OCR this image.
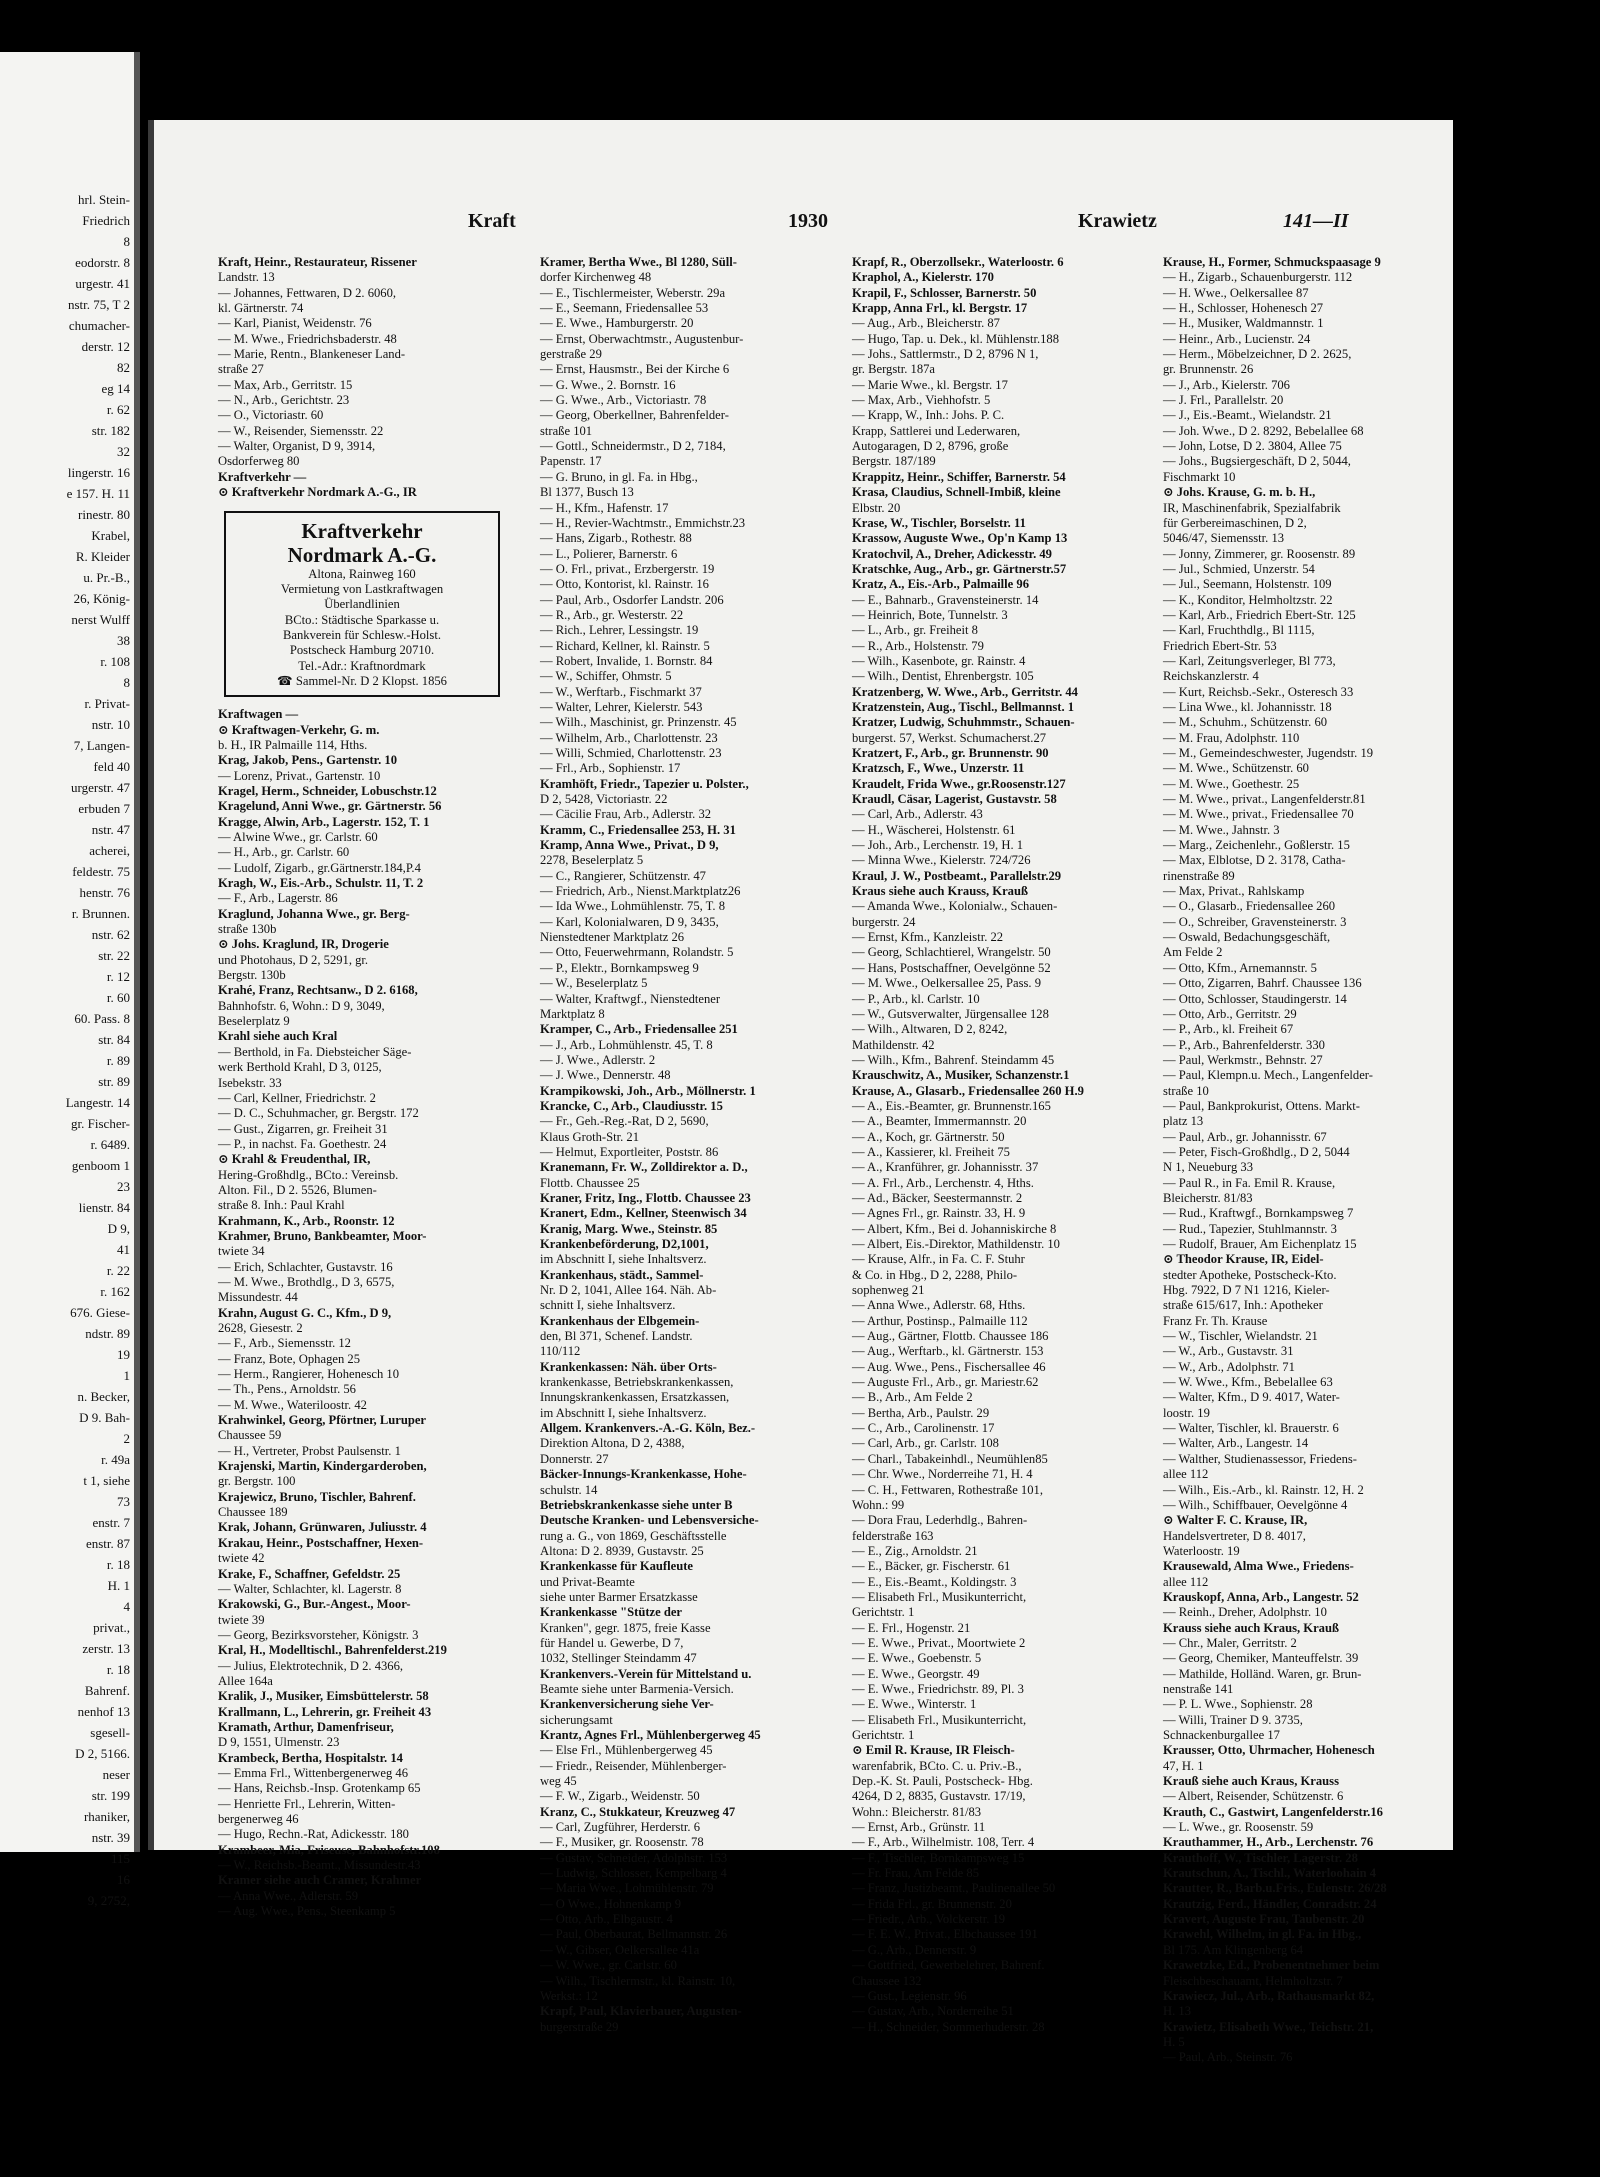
hrl. Stein-
Friedrich
8
eodorstr. 8
urgestr. 41
nstr. 75, T 2
chumacher-
derstr. 12
82
eg 14
r. 62
str. 182
32
lingerstr. 16
e 157. H. 11
rinestr. 80
Krabel,
R. Kleider
u. Pr.-B.,
26, König-
nerst Wulff
38
r. 108
8
r. Privat-
nstr. 10
7, Langen-
feld 40
urgerstr. 47
erbuden 7
nstr. 47
acherei,
feldestr. 75
henstr. 76
r. Brunnen.
nstr. 62
str. 22
r. 12
r. 60
60. Pass. 8
str. 84
r. 89
str. 89
Langestr. 14
gr. Fischer-
r. 6489.
genboom 1
23
lienstr. 84
D 9,
41
r. 22
r. 162
676. Giese-
ndstr. 89
19
1
n. Becker,
D 9. Bah-
2
r. 49a
t 1, siehe
73
enstr. 7
enstr. 87
r. 18
H. 1
4
privat.,
zerstr. 13
r. 18
Bahrenf.
nenhof 13
sgesell-
D 2, 5166.
neser
str. 199
rhaniker,
nstr. 39
115
16
9, 2752,
Kraft	1930	Krawietz	141—II

Kraft, Heinr., Restaurateur, Rissener

Landstr. 13

— Johannes, Fettwaren, D 2. 6060,

kl. Gärtnerstr. 74

— Karl, Pianist, Weidenstr. 76

— M. Wwe., Friedrichsbaderstr. 48

— Marie, Rentn., Blankeneser Land-

straße 27

— Max, Arb., Gerritstr. 15

— N., Arb., Gerichtstr. 23

— O., Victoriastr. 60

— W., Reisender, Siemensstr. 22

— Walter, Organist, D 9, 3914,

Osdorferweg 80

Kraftverkehr —

⊙ Kraftverkehr Nordmark A.-G., IR

Kraftverkehr

Nordmark A.-G.

Altona, Rainweg 160

Vermietung von Lastkraftwagen

Überlandlinien

BCto.: Städtische Sparkasse u.

Bankverein für Schlesw.-Holst.

Postscheck Hamburg 20710.

Tel.-Adr.: Kraftnordmark

☎ Sammel-Nr. D 2 Klopst. 1856

Kraftwagen —

⊙ Kraftwagen-Verkehr, G. m.

b. H., IR Palmaille 114, Hths.

Krag, Jakob, Pens., Gartenstr. 10

— Lorenz, Privat., Gartenstr. 10

Kragel, Herm., Schneider, Lobuschstr.12

Kragelund, Anni Wwe., gr. Gärtnerstr. 56

Kragge, Alwin, Arb., Lagerstr. 152, T. 1

— Alwine Wwe., gr. Carlstr. 60

— H., Arb., gr. Carlstr. 60

— Ludolf, Zigarb., gr.Gärtnerstr.184,P.4

Kragh, W., Eis.-Arb., Schulstr. 11, T. 2

— F., Arb., Lagerstr. 86

Kraglund, Johanna Wwe., gr. Berg-

straße 130b

⊙ Johs. Kraglund, IR, Drogerie

und Photohaus, D 2, 5291, gr.

Bergstr. 130b

Krahé, Franz, Rechtsanw., D 2. 6168,

Bahnhofstr. 6, Wohn.: D 9, 3049,

Beselerplatz 9

Krahl siehe auch Kral

— Berthold, in Fa. Diebsteicher Säge-

werk Berthold Krahl, D 3, 0125,

Isebekstr. 33

— Carl, Kellner, Friedrichstr. 2

— D. C., Schuhmacher, gr. Bergstr. 172

— Gust., Zigarren, gr. Freiheit 31

— P., in nachst. Fa. Goethestr. 24

⊙ Krahl & Freudenthal, IR,

Hering-Großhdlg., BCto.: Vereinsb.

Alton. Fil., D 2. 5526, Blumen-

straße 8. Inh.: Paul Krahl

Krahmann, K., Arb., Roonstr. 12

Krahmer, Bruno, Bankbeamter, Moor-

twiete 34

— Erich, Schlachter, Gustavstr. 16

— M. Wwe., Brothdlg., D 3, 6575,

Missundestr. 44

Krahn, August G. C., Kfm., D 9,

2628, Giesestr. 2

— F., Arb., Siemensstr. 12

— Franz, Bote, Ophagen 25

— Herm., Rangierer, Hohenesch 10

— Th., Pens., Arnoldstr. 56

— M. Wwe., Wateriloostr. 42

Krahwinkel, Georg, Pförtner, Luruper

Chaussee 59

— H., Vertreter, Probst Paulsenstr. 1

Krajenski, Martin, Kindergarderoben,

gr. Bergstr. 100

Krajewicz, Bruno, Tischler, Bahrenf.

Chaussee 189

Krak, Johann, Grünwaren, Juliusstr. 4

Krakau, Heinr., Postschaffner, Hexen-

twiete 42

Krake, F., Schaffner, Gefeldstr. 25

— Walter, Schlachter, kl. Lagerstr. 8

Krakowski, G., Bur.-Angest., Moor-

twiete 39

— Georg, Bezirksvorsteher, Königstr. 3

Kral, H., Modelltischl., Bahrenfelderst.219

— Julius, Elektrotechnik, D 2. 4366,

Allee 164a

Kralik, J., Musiker, Eimsbüttelerstr. 58

Krallmann, L., Lehrerin, gr. Freiheit 43

Kramath, Arthur, Damenfriseur,

D 9, 1551, Ulmenstr. 23

Krambeck, Bertha, Hospitalstr. 14

— Emma Frl., Wittenbergenerweg 46

— Hans, Reichsb.-Insp. Grotenkamp 65

— Henriette Frl., Lehrerin, Witten-

bergenerweg 46

— Hugo, Rechn.-Rat, Adickesstr. 180

Krambeer, Mia, Friseuse, Bahnhofstr.108

— W., Reichsb.-Beamt., Missundestr.43

Kramer siehe auch Cramer, Krahmer

— Anna Wwe., Adlerstr. 59

— Aug. Wwe., Pens., Steenkamp 5

Kramer, Bertha Wwe., Bl 1280, Süll-

dorfer Kirchenweg 48

— E., Tischlermeister, Weberstr. 29a

— E., Seemann, Friedensallee 53

— E. Wwe., Hamburgerstr. 20

— Ernst, Oberwachtmstr., Augustenbur-

gerstraße 29

— Ernst, Hausmstr., Bei der Kirche 6

— G. Wwe., 2. Bornstr. 16

— G. Wwe., Arb., Victoriastr. 78

— Georg, Oberkellner, Bahrenfelder-

straße 101

— Gottl., Schneidermstr., D 2, 7184,

Papenstr. 17

— G. Bruno, in gl. Fa. in Hbg.,

Bl 1377, Busch 13

— H., Kfm., Hafenstr. 17

— H., Revier-Wachtmstr., Emmichstr.23

— Hans, Zigarb., Rothestr. 88

— L., Polierer, Barnerstr. 6

— O. Frl., privat., Erzbergerstr. 19

— Otto, Kontorist, kl. Rainstr. 16

— Paul, Arb., Osdorfer Landstr. 206

— R., Arb., gr. Westerstr. 22

— Rich., Lehrer, Lessingstr. 19

— Richard, Kellner, kl. Rainstr. 5

— Robert, Invalide, 1. Bornstr. 84

— W., Schiffer, Ohmstr. 5

— W., Werftarb., Fischmarkt 37

— Walter, Lehrer, Kielerstr. 543

— Wilh., Maschinist, gr. Prinzenstr. 45

— Wilhelm, Arb., Charlottenstr. 23

— Willi, Schmied, Charlottenstr. 23

— Frl., Arb., Sophienstr. 17

Kramhöft, Friedr., Tapezier u. Polster.,

D 2, 5428, Victoriastr. 22

— Cäcilie Frau, Arb., Adlerstr. 32

Kramm, C., Friedensallee 253, H. 31

Kramp, Anna Wwe., Privat., D 9,

2278, Beselerplatz 5

— C., Rangierer, Schützenstr. 47

— Friedrich, Arb., Nienst.Marktplatz26

— Ida Wwe., Lohmühlenstr. 75, T. 8

— Karl, Kolonialwaren, D 9, 3435,

Nienstedtener Marktplatz 26

— Otto, Feuerwehrmann, Rolandstr. 5

— P., Elektr., Bornkampsweg 9

— W., Beselerplatz 5

— Walter, Kraftwgf., Nienstedtener

Marktplatz 8

Kramper, C., Arb., Friedensallee 251

— J., Arb., Lohmühlenstr. 45, T. 8

— J. Wwe., Adlerstr. 2

— J. Wwe., Dennerstr. 48

Krampikowski, Joh., Arb., Möllnerstr. 1

Krancke, C., Arb., Claudiusstr. 15

— Fr., Geh.-Reg.-Rat, D 2, 5690,

Klaus Groth-Str. 21

— Helmut, Exportleiter, Poststr. 86

Kranemann, Fr. W., Zolldirektor a. D.,

Flottb. Chaussee 25

Kraner, Fritz, Ing., Flottb. Chaussee 23

Kranert, Edm., Kellner, Steenwisch 34

Kranig, Marg. Wwe., Steinstr. 85

Krankenbeförderung, D2,1001,

im Abschnitt I, siehe Inhaltsverz.

Krankenhaus, städt., Sammel-

Nr. D 2, 1041, Allee 164. Näh. Ab-

schnitt I, siehe Inhaltsverz.

Krankenhaus der Elbgemein-

den, Bl 371, Schenef. Landstr.

110/112

Krankenkassen: Näh. über Orts-

krankenkasse, Betriebskrankenkassen,

Innungskrankenkassen, Ersatzkassen,

im Abschnitt I, siehe Inhaltsverz.

Allgem. Krankenvers.-A.-G. Köln, Bez.-

Direktion Altona, D 2, 4388,

Donnerstr. 27

Bäcker-Innungs-Krankenkasse, Hohe-

schulstr. 14

Betriebskrankenkasse siehe unter B

Deutsche Kranken- und Lebensversiche-

rung a. G., von 1869, Geschäftsstelle

Altona: D 2. 8939, Gustavstr. 25

Krankenkasse für Kaufleute

und Privat-Beamte

siehe unter Barmer Ersatzkasse

Krankenkasse "Stütze der

Kranken", gegr. 1875, freie Kasse

für Handel u. Gewerbe, D 7,

1032, Stellinger Steindamm 47

Krankenvers.-Verein für Mittelstand u.

Beamte siehe unter Barmenia-Versich.

Krankenversicherung siehe Ver-

sicherungsamt

Krantz, Agnes Frl., Mühlenbergerweg 45

— Else Frl., Mühlenbergerweg 45

— Friedr., Reisender, Mühlenberger-

weg 45

— F. W., Zigarb., Weidenstr. 50

Kranz, C., Stukkateur, Kreuzweg 47

— Carl, Zugführer, Herderstr. 6

— F., Musiker, gr. Roosenstr. 78

— Gustav, Schneider, Adolphstr. 153

— Ludwig, Schlosser, Kempelbarg 4

— Maria Wwe., Lohmühlenstr. 79

— O Wwe., Hohnenkamp 9

— Otto, Arb., Elbgaustr. 4

— Paul, Oberbaurat, Bellmannstr. 26

— W., Gibser, Oelkersallee 41a

— W. Wwe., gr. Carlstr. 60

— Wilh., Tischlermstr., kl. Rainstr. 10,

Werkst.: 12

Krapf, Paul, Klavierbauer, Augusten-

burgerstraße 29

Krapf, R., Oberzollsekr., Waterloostr. 6

Kraphol, A., Kielerstr. 170

Krapil, F., Schlosser, Barnerstr. 50

Krapp, Anna Frl., kl. Bergstr. 17

— Aug., Arb., Bleicherstr. 87

— Hugo, Tap. u. Dek., kl. Mühlenstr.188

— Johs., Sattlermstr., D 2, 8796 N 1,

gr. Bergstr. 187a

— Marie Wwe., kl. Bergstr. 17

— Max, Arb., Viehhofstr. 5

— Krapp, W., Inh.: Johs. P. C.

Krapp, Sattlerei und Lederwaren,

Autogaragen, D 2, 8796, große

Bergstr. 187/189

Krappitz, Heinr., Schiffer, Barnerstr. 54

Krasa, Claudius, Schnell-Imbiß, kleine

Elbstr. 20

Krase, W., Tischler, Borselstr. 11

Krassow, Auguste Wwe., Op'n Kamp 13

Kratochvil, A., Dreher, Adickesstr. 49

Kratschke, Aug., Arb., gr. Gärtnerstr.57

Kratz, A., Eis.-Arb., Palmaille 96

— E., Bahnarb., Gravensteinerstr. 14

— Heinrich, Bote, Tunnelstr. 3

— L., Arb., gr. Freiheit 8

— R., Arb., Holstenstr. 79

— Wilh., Kasenbote, gr. Rainstr. 4

— Wilh., Dentist, Ehrenbergstr. 105

Kratzenberg, W. Wwe., Arb., Gerritstr. 44

Kratzenstein, Aug., Tischl., Bellmannst. 1

Kratzer, Ludwig, Schuhmmstr., Schauen-

burgerst. 57, Werkst. Schumacherst.27

Kratzert, F., Arb., gr. Brunnenstr. 90

Kratzsch, F., Wwe., Unzerstr. 11

Kraudelt, Frida Wwe., gr.Roosenstr.127

Kraudl, Cäsar, Lagerist, Gustavstr. 58

— Carl, Arb., Adlerstr. 43

— H., Wäscherei, Holstenstr. 61

— Joh., Arb., Lerchenstr. 19, H. 1

— Minna Wwe., Kielerstr. 724/726

Kraul, J. W., Postbeamt., Parallelstr.29

Kraus siehe auch Krauss, Krauß

— Amanda Wwe., Kolonialw., Schauen-

burgerstr. 24

— Ernst, Kfm., Kanzleistr. 22

— Georg, Schlachtierel, Wrangelstr. 50

— Hans, Postschaffner, Oevelgönne 52

— M. Wwe., Oelkersallee 25, Pass. 9

— P., Arb., kl. Carlstr. 10

— W., Gutsverwalter, Jürgensallee 128

— Wilh., Altwaren, D 2, 8242,

Mathildenstr. 42

— Wilh., Kfm., Bahrenf. Steindamm 45

Krauschwitz, A., Musiker, Schanzenstr.1

Krause, A., Glasarb., Friedensallee 260 H.9

— A., Eis.-Beamter, gr. Brunnenstr.165

— A., Beamter, Immermannstr. 20

— A., Koch, gr. Gärtnerstr. 50

— A., Kassierer, kl. Freiheit 75

— A., Kranführer, gr. Johannisstr. 37

— A. Frl., Arb., Lerchenstr. 4, Hths.

— Ad., Bäcker, Seestermannstr. 2

— Agnes Frl., gr. Rainstr. 33, H. 9

— Albert, Kfm., Bei d. Johanniskirche 8

— Albert, Eis.-Direktor, Mathildenstr. 10

— Krause, Alfr., in Fa. C. F. Stuhr

& Co. in Hbg., D 2, 2288, Philo-

sophenweg 21

— Anna Wwe., Adlerstr. 68, Hths.

— Arthur, Postinsp., Palmaille 112

— Aug., Gärtner, Flottb. Chaussee 186

— Aug., Werftarb., kl. Gärtnerstr. 153

— Aug. Wwe., Pens., Fischersallee 46

— Auguste Frl., Arb., gr. Mariestr.62

— B., Arb., Am Felde 2

— Bertha, Arb., Paulstr. 29

— C., Arb., Carolinenstr. 17

— Carl, Arb., gr. Carlstr. 108

— Charl., Tabakeinhdl., Neumühlen85

— Chr. Wwe., Norderreihe 71, H. 4

— C. H., Fettwaren, Rothestraße 101,

Wohn.: 99

— Dora Frau, Lederhdlg., Bahren-

felderstraße 163

— E., Zig., Arnoldstr. 21

— E., Bäcker, gr. Fischerstr. 61

— E., Eis.-Beamt., Koldingstr. 3

— Elisabeth Frl., Musikunterricht,

Gerichtstr. 1

— E. Frl., Hogenstr. 21

— E. Wwe., Privat., Moortwiete 2

— E. Wwe., Goebenstr. 5

— E. Wwe., Georgstr. 49

— E. Wwe., Friedrichstr. 89, Pl. 3

— E. Wwe., Winterstr. 1

— Elisabeth Frl., Musikunterricht,

Gerichtstr. 1

⊙ Emil R. Krause, IR Fleisch-

warenfabrik, BCto. C. u. Priv.-B.,

Dep.-K. St. Pauli, Postscheck- Hbg.

4264, D 2, 8835, Gustavstr. 17/19,

Wohn.: Bleicherstr. 81/83

— Ernst, Arb., Grünstr. 11

— F., Arb., Wilhelmistr. 108, Terr. 4

— F., Tischler, Bornkampsweg 15

— Fr. Frau, Am Felde 85

— Franz, Justizbeamt., Paulinenallee 50

— Frida Frl., gr. Brunnenstr. 20

— Friedr., Arb., Volckerstr. 19

— F. E. W., Privat., Elbchaussee 191

— G., Arb., Dennerstr. 9

— Gottfried, Gewerbelehrer, Bahrenf.

Chaussee 132

— Gust., Legienstr. 96

— Gustav, Arb., Norderreihe 51

— H., Schneider, Sommerhuderstr. 28

Krause, H., Former, Schmuckspaasage 9

— H., Zigarb., Schauenburgerstr. 112

— H. Wwe., Oelkersallee 87

— H., Schlosser, Hohenesch 27

— H., Musiker, Waldmannstr. 1

— Heinr., Arb., Lucienstr. 24

— Herm., Möbelzeichner, D 2. 2625,

gr. Brunnenstr. 26

— J., Arb., Kielerstr. 706

— J. Frl., Parallelstr. 20

— J., Eis.-Beamt., Wielandstr. 21

— Joh. Wwe., D 2. 8292, Bebelallee 68

— John, Lotse, D 2. 3804, Allee 75

— Johs., Bugsiergeschäft, D 2, 5044,

Fischmarkt 10

⊙ Johs. Krause, G. m. b. H.,

IR, Maschinenfabrik, Spezialfabrik

für Gerbereimaschinen, D 2,

5046/47, Siemensstr. 13

— Jonny, Zimmerer, gr. Roosenstr. 89

— Jul., Schmied, Unzerstr. 54

— Jul., Seemann, Holstenstr. 109

— K., Konditor, Helmholtzstr. 22

— Karl, Arb., Friedrich Ebert-Str. 125

— Karl, Fruchthdlg., Bl 1115,

Friedrich Ebert-Str. 53

— Karl, Zeitungsverleger, Bl 773,

Reichskanzlerstr. 4

— Kurt, Reichsb.-Sekr., Osteresch 33

— Lina Wwe., kl. Johannisstr. 18

— M., Schuhm., Schützenstr. 60

— M. Frau, Adolphstr. 110

— M., Gemeindeschwester, Jugendstr. 19

— M. Wwe., Schützenstr. 60

— M. Wwe., Goethestr. 25

— M. Wwe., privat., Langenfelderstr.81

— M. Wwe., privat., Friedensallee 70

— M. Wwe., Jahnstr. 3

— Marg., Zeichenlehr., Goßlerstr. 15

— Max, Elblotse, D 2. 3178, Catha-

rinenstraße 89

— Max, Privat., Rahlskamp

— O., Glasarb., Friedensallee 260

— O., Schreiber, Gravensteinerstr. 3

— Oswald, Bedachungsgeschäft,

Am Felde 2

— Otto, Kfm., Arnemannstr. 5

— Otto, Zigarren, Bahrf. Chaussee 136

— Otto, Schlosser, Staudingerstr. 14

— Otto, Arb., Gerritstr. 29

— P., Arb., kl. Freiheit 67

— P., Arb., Bahrenfelderstr. 330

— Paul, Werkmstr., Behnstr. 27

— Paul, Klempn.u. Mech., Langenfelder-

straße 10

— Paul, Bankprokurist, Ottens. Markt-

platz 13

— Paul, Arb., gr. Johannisstr. 67

— Peter, Fisch-Großhdlg., D 2, 5044

N 1, Neueburg 33

— Paul R., in Fa. Emil R. Krause,

Bleicherstr. 81/83

— Rud., Kraftwgf., Bornkampsweg 7

— Rud., Tapezier, Stuhlmannstr. 3

— Rudolf, Brauer, Am Eichenplatz 15

⊙ Theodor Krause, IR, Eidel-

stedter Apotheke, Postscheck-Kto.

Hbg. 7922, D 7 N1 1216, Kieler-

straße 615/617, Inh.: Apotheker

Franz Fr. Th. Krause

— W., Tischler, Wielandstr. 21

— W., Arb., Gustavstr. 31

— W., Arb., Adolphstr. 71

— W. Wwe., Kfm., Bebelallee 63

— Walter, Kfm., D 9. 4017, Water-

loostr. 19

— Walter, Tischler, kl. Brauerstr. 6

— Walter, Arb., Langestr. 14

— Walther, Studienassessor, Friedens-

allee 112

— Wilh., Eis.-Arb., kl. Rainstr. 12, H. 2

— Wilh., Schiffbauer, Oevelgönne 4

⊙ Walter F. C. Krause, IR,

Handelsvertreter, D 8. 4017,

Waterloostr. 19

Krausewald, Alma Wwe., Friedens-

allee 112

Krauskopf, Anna, Arb., Langestr. 52

— Reinh., Dreher, Adolphstr. 10

Krauss siehe auch Kraus, Krauß

— Chr., Maler, Gerritstr. 2

— Georg, Chemiker, Manteuffelstr. 39

— Mathilde, Holländ. Waren, gr. Brun-

nenstraße 141

— P. L. Wwe., Sophienstr. 28

— Willi, Trainer D 9. 3735,

Schnackenburgallee 17

Krausser, Otto, Uhrmacher, Hohenesch

47, H. 1

Krauß siehe auch Kraus, Krauss

— Albert, Reisender, Schützenstr. 6

Krauth, C., Gastwirt, Langenfelderstr.16

— L. Wwe., gr. Roosenstr. 59

Krauthammer, H., Arb., Lerchenstr. 76

Krauthoff, W., Tischler, Lagerstr. 28

Krautschun, A., Tischl., Waterloohain 4

Krautter, R., Barb.u.Fris., Eulenstr. 26/28

Krautzig, Ferd., Händler, Conradstr. 24

Kravert, Auguste Frau, Taubenstr. 20

Krawehl, Wilhelm, in gl. Fa. in Hbg.,

Bl 175. Am Klingenberg 64

Krawetzke, Ed., Probenentnehmer beim

Fleischbeschauamt, Helmholtzstr. 7

Krawiecz, Jul., Arb., Rathausmarkt 82,

H. 13

Krawietz, Elisabeth Wwe., Teichstr. 21,

H. 5

— Paul, Arb., Steinstr. 76
